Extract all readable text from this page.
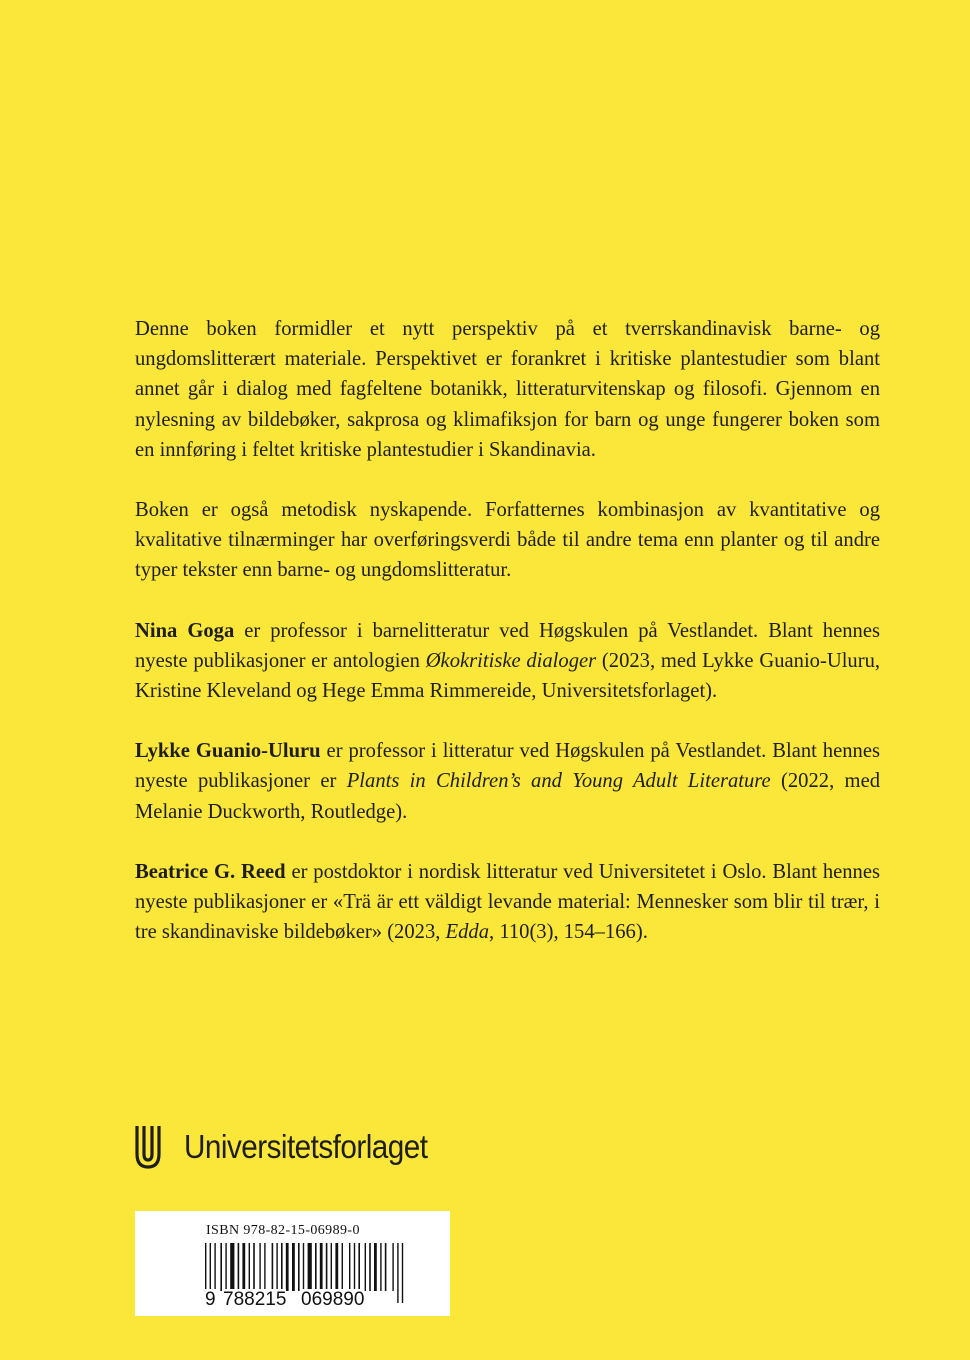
Denne boken formidler et nytt perspektiv på et tverrskandinavisk barne- og ungdomslitterært materiale. Perspektivet er forankret i kritiske plantestudier som blant annet går i dialog med fagfeltene botanikk, litteraturvitenskap og filosofi. Gjennom en nylesning av bildebøker, sakprosa og klimafiksjon for barn og unge fungerer boken som en innføring i feltet kritiske plantestudier i Skandinavia.

Boken er også metodisk nyskapende. Forfatternes kombinasjon av kvantitative og kvalitative tilnærminger har overføringsverdi både til andre tema enn planter og til andre typer tekster enn barne- og ungdomslitteratur.

Nina Goga er professor i barnelitteratur ved Høgskulen på Vestlandet. Blant hennes nyeste publikasjoner er antologien Økokritiske dialoger (2023, med Lykke Guanio-Uluru, Kristine Kleveland og Hege Emma Rimmereide, Universitetsforlaget).

Lykke Guanio-Uluru er professor i litteratur ved Høgskulen på Vestlandet. Blant hennes nyeste publikasjoner er Plants in Children’s and Young Adult Literature (2022, med Melanie Duckworth, Routledge).

Beatrice G. Reed er postdoktor i nordisk litteratur ved Universitetet i Oslo. Blant hennes nyeste publikasjoner er «Trä är ett väldigt levande material: Mennesker som blir til trær, i tre skandinaviske bildebøker» (2023, Edda, 110(3), 154–166).

Universitetsforlaget
ISBN 978-82-15-06989-0
9 788215 069890
